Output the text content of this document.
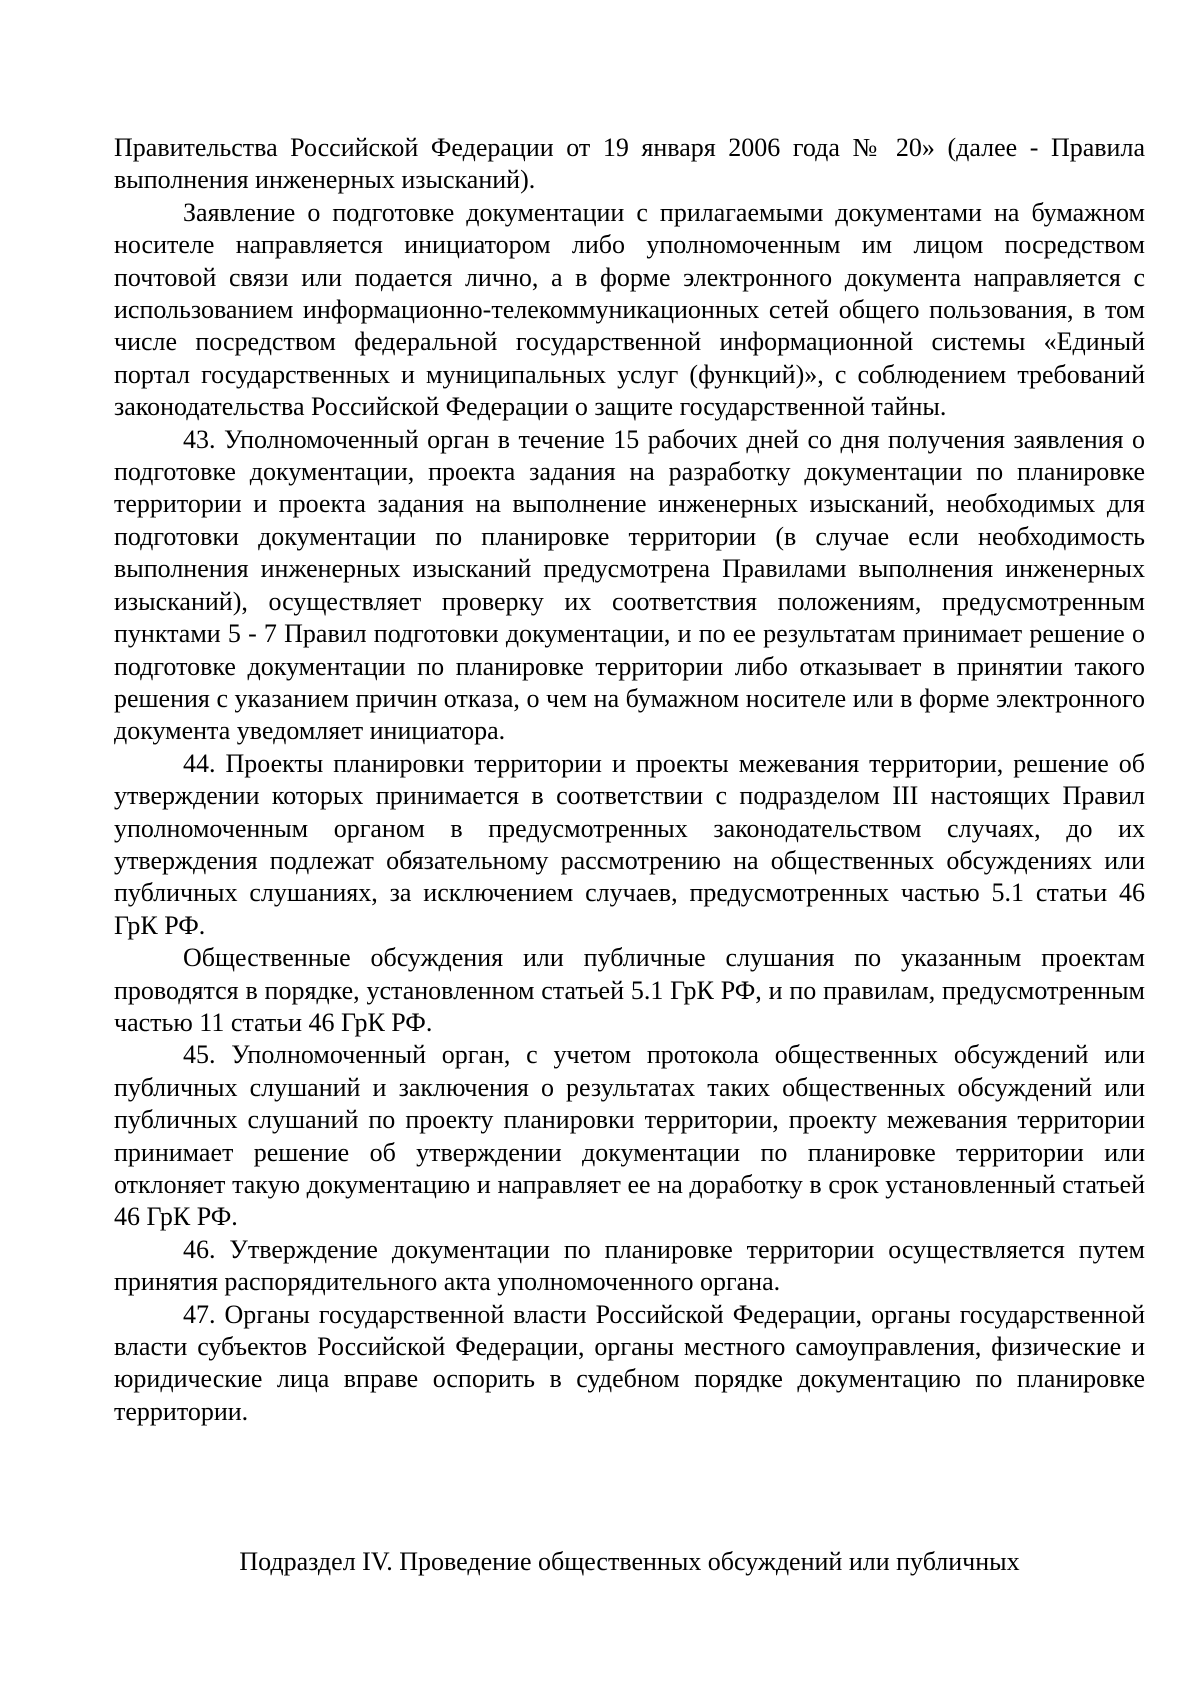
Правительства Российской Федерации от 19 января 2006 года № 20» (далее - Правила выполнения инженерных изысканий).

Заявление о подготовке документации с прилагаемыми документами на бумажном носителе направляется инициатором либо уполномоченным им лицом посредством почтовой связи или подается лично, а в форме электронного документа направляется с использованием информационно-телекоммуникационных сетей общего пользования, в том числе посредством федеральной государственной информационной системы «Единый портал государственных и муниципальных услуг (функций)», с соблюдением требований законодательства Российской Федерации о защите государственной тайны.

43. Уполномоченный орган в течение 15 рабочих дней со дня получения заявления о подготовке документации, проекта задания на разработку документации по планировке территории и проекта задания на выполнение инженерных изысканий, необходимых для подготовки документации по планировке территории (в случае если необходимость выполнения инженерных изысканий предусмотрена Правилами выполнения инженерных изысканий), осуществляет проверку их соответствия положениям, предусмотренным пунктами 5 - 7 Правил подготовки документации, и по ее результатам принимает решение о подготовке документации по планировке территории либо отказывает в принятии такого решения с указанием причин отказа, о чем на бумажном носителе или в форме электронного документа уведомляет инициатора.

44. Проекты планировки территории и проекты межевания территории, решение об утверждении которых принимается в соответствии с подразделом III настоящих Правил уполномоченным органом в предусмотренных законодательством случаях, до их утверждения подлежат обязательному рассмотрению на общественных обсуждениях или публичных слушаниях, за исключением случаев, предусмотренных частью 5.1 статьи 46 ГрК РФ.

Общественные обсуждения или публичные слушания по указанным проектам проводятся в порядке, установленном статьей 5.1 ГрК РФ, и по правилам, предусмотренным частью 11 статьи 46 ГрК РФ.

45. Уполномоченный орган, с учетом протокола общественных обсуждений или публичных слушаний и заключения о результатах таких общественных обсуждений или публичных слушаний по проекту планировки территории, проекту межевания территории принимает решение об утверждении документации по планировке территории или отклоняет такую документацию и направляет ее на доработку в срок установленный статьей 46 ГрК РФ.

46. Утверждение документации по планировке территории осуществляется путем принятия распорядительного акта уполномоченного органа.

47. Органы государственной власти Российской Федерации, органы государственной власти субъектов Российской Федерации, органы местного самоуправления, физические и юридические лица вправе оспорить в судебном порядке документацию по планировке территории.

Подраздел IV. Проведение общественных обсуждений или публичных
